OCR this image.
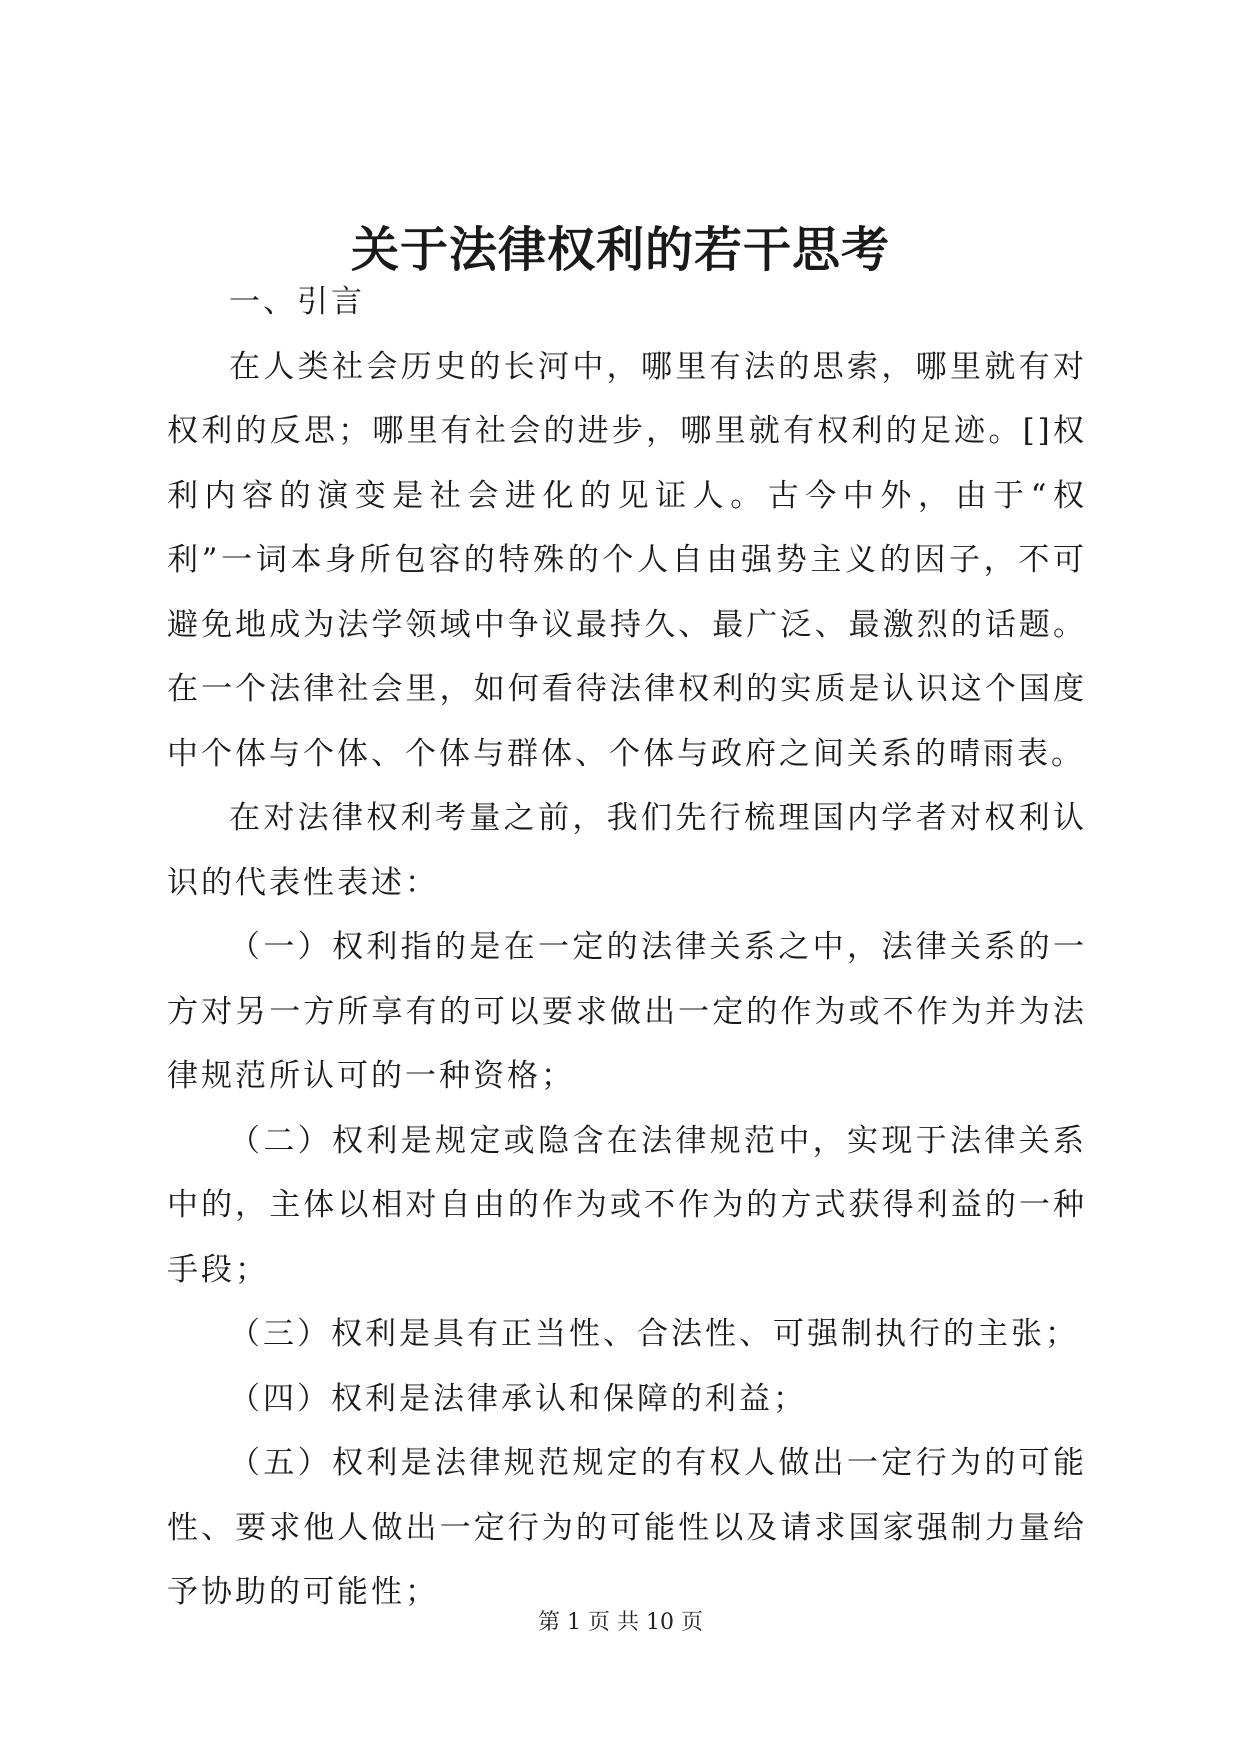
关于法律权利的若干思考

一、引言

在人类社会历史的长河中，哪里有法的思索，哪里就有对权利的反思；哪里有社会的进步，哪里就有权利的足迹。[]权利内容的演变是社会进化的见证人。古今中外，由于“权利”一词本身所包容的特殊的个人自由强势主义的因子，不可避免地成为法学领域中争议最持久、最广泛、最激烈的话题。在一个法律社会里，如何看待法律权利的实质是认识这个国度中个体与个体、个体与群体、个体与政府之间关系的晴雨表。

在对法律权利考量之前，我们先行梳理国内学者对权利认识的代表性表述：

（一）权利指的是在一定的法律关系之中，法律关系的一方对另一方所享有的可以要求做出一定的作为或不作为并为法律规范所认可的一种资格；

（二）权利是规定或隐含在法律规范中，实现于法律关系中的，主体以相对自由的作为或不作为的方式获得利益的一种手段；

（三）权利是具有正当性、合法性、可强制执行的主张；

（四）权利是法律承认和保障的利益；

（五）权利是法律规范规定的有权人做出一定行为的可能性、要求他人做出一定行为的可能性以及请求国家强制力量给予协助的可能性；

第 1 页 共 10 页
